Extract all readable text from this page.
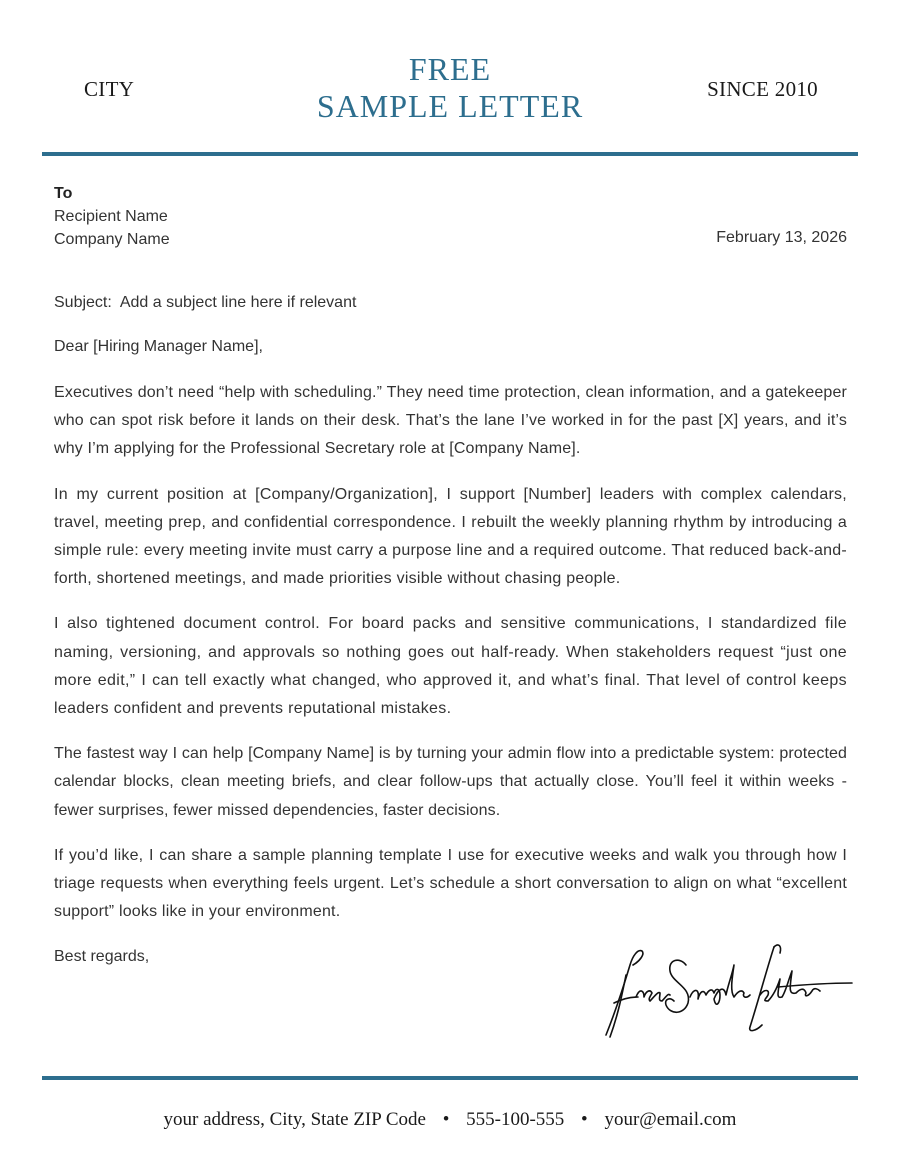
CITY
FREE
SAMPLE LETTER	SINCE 2010
To
Recipient Name
Company Name	February 13, 2026
Subject:  Add a subject line here if relevant
Dear [Hiring Manager Name],

Executives don’t need “help with scheduling.” They need time protection, clean information, and a gatekeeper who can spot risk before it lands on their desk. That’s the lane I’ve worked in for the past [X] years, and it’s why I’m applying for the Professional Secretary role at [Company Name].

In my current position at [Company/Organization], I support [Number] leaders with complex calendars, travel, meeting prep, and confidential correspondence. I rebuilt the weekly planning rhythm by introducing a simple rule: every meeting invite must carry a purpose line and a required outcome. That reduced back-and-forth, shortened meetings, and made priorities visible without chasing people.

I also tightened document control. For board packs and sensitive communications, I standardized file naming, versioning, and approvals so nothing goes out half-ready. When stakeholders request “just one more edit,” I can tell exactly what changed, who approved it, and what’s final. That level of control keeps leaders confident and prevents reputational mistakes.

The fastest way I can help [Company Name] is by turning your admin flow into a predictable system: protected calendar blocks, clean meeting briefs, and clear follow-ups that actually close. You’ll feel it within weeks - fewer surprises, fewer missed dependencies, faster decisions.

If you’d like, I can share a sample planning template I use for executive weeks and walk you through how I triage requests when everything feels urgent. Let’s schedule a short conversation to align on what “excellent support” looks like in your environment.

Best regards,
your address, City, State ZIP Code • 555-100-555 • your@email.com
